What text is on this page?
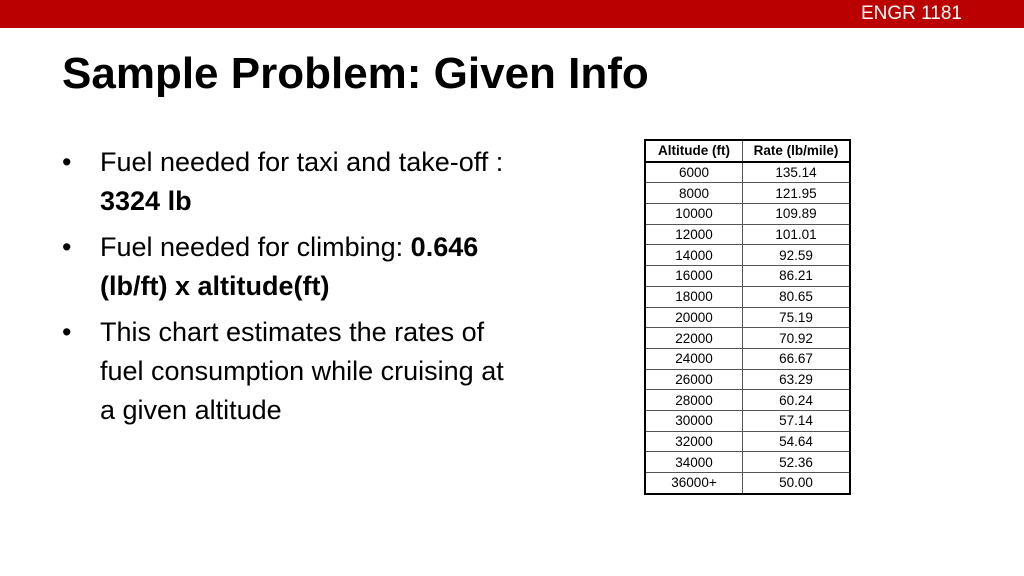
ENGR 1181
Sample Problem: Given Info
•	Fuel needed for taxi and take-off : 3324 lb
•	Fuel needed for climbing: 0.646 (lb/ft) x altitude(ft)
•	This chart estimates the rates of fuel consumption while cruising at a given altitude
Altitude (ft)	Rate (lb/mile)
6000	135.14
8000	121.95
10000	109.89
12000	101.01
14000	92.59
16000	86.21
18000	80.65
20000	75.19
22000	70.92
24000	66.67
26000	63.29
28000	60.24
30000	57.14
32000	54.64
34000	52.36
36000+	50.00
